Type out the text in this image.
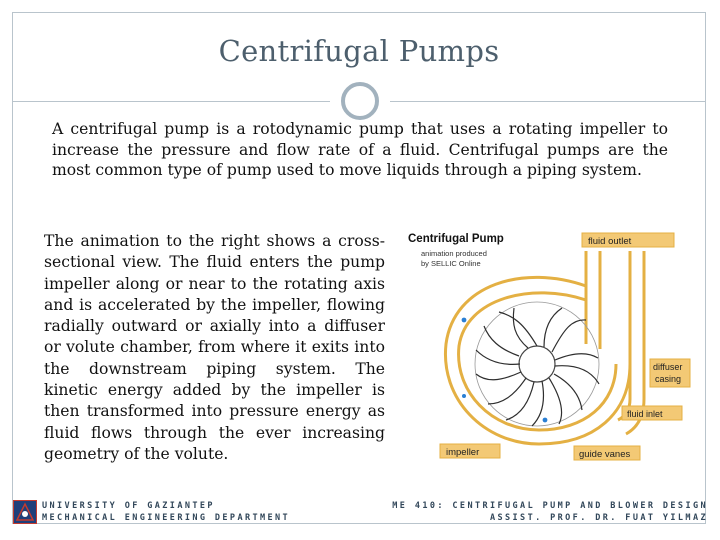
Centrifugal Pumps

A centrifugal pump is a rotodynamic pump that uses a rotating impeller to increase the pressure and flow rate of a fluid. Centrifugal pumps are the most common type of pump used to move liquids through a piping system.

The animation to the right shows a cross-sectional view. The fluid enters the pump impeller along or near to the rotating axis and is accelerated by the impeller, flowing radially outward or axially into a diffuser or volute chamber, from where it exits into the downstream piping system. The kinetic energy added by the impeller is then transformed into pressure energy as fluid flows through the ever increasing geometry of the volute.

Centrifugal Pump
animation produced
by SELLIC Online
fluid outlet
diffuser
casing
fluid inlet
impeller	guide vanes
UNIVERSITY OF GAZIANTEP
MECHANICAL ENGINEERING DEPARTMENT
ME 410: CENTRIFUGAL PUMP AND BLOWER DESIGN
ASSIST. PROF. DR. FUAT YILMAZ
